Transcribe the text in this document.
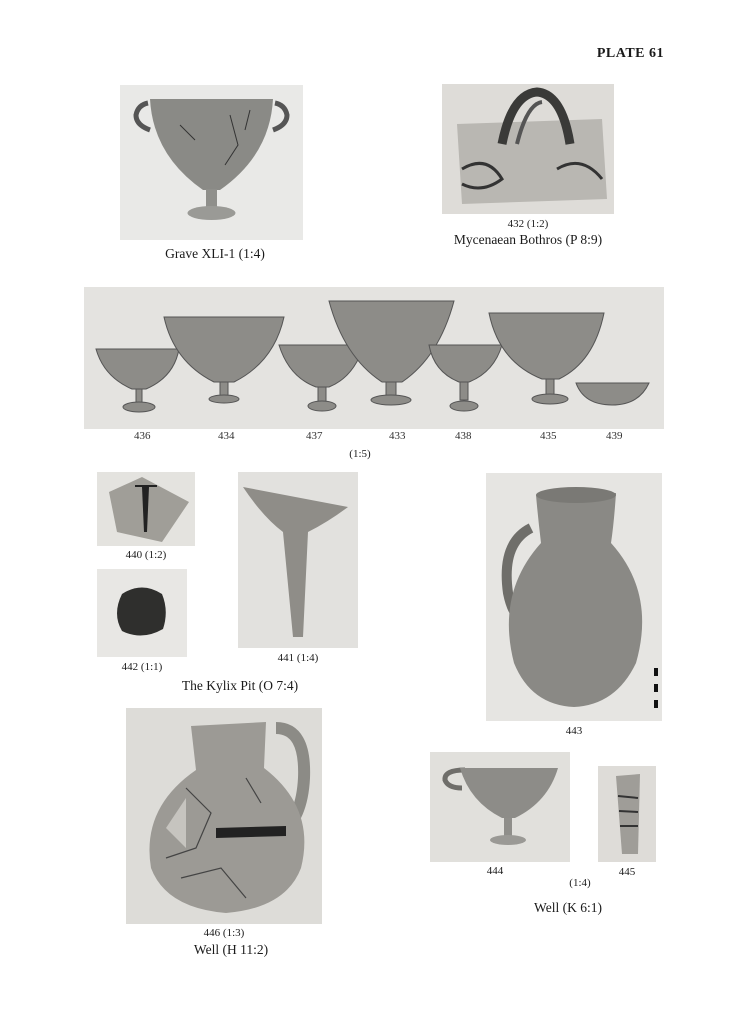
PLATE 61
Grave XLI-1 (1:4)
432 (1:2)
Mycenaean Bothros (P 8:9)
436	434	437	433	438	435	439
(1:5)
440 (1:2)
442 (1:1)
441 (1:4)
The Kylix Pit (O 7:4)
443
446 (1:3)
Well (H 11:2)
444	445
(1:4)
Well (K 6:1)
